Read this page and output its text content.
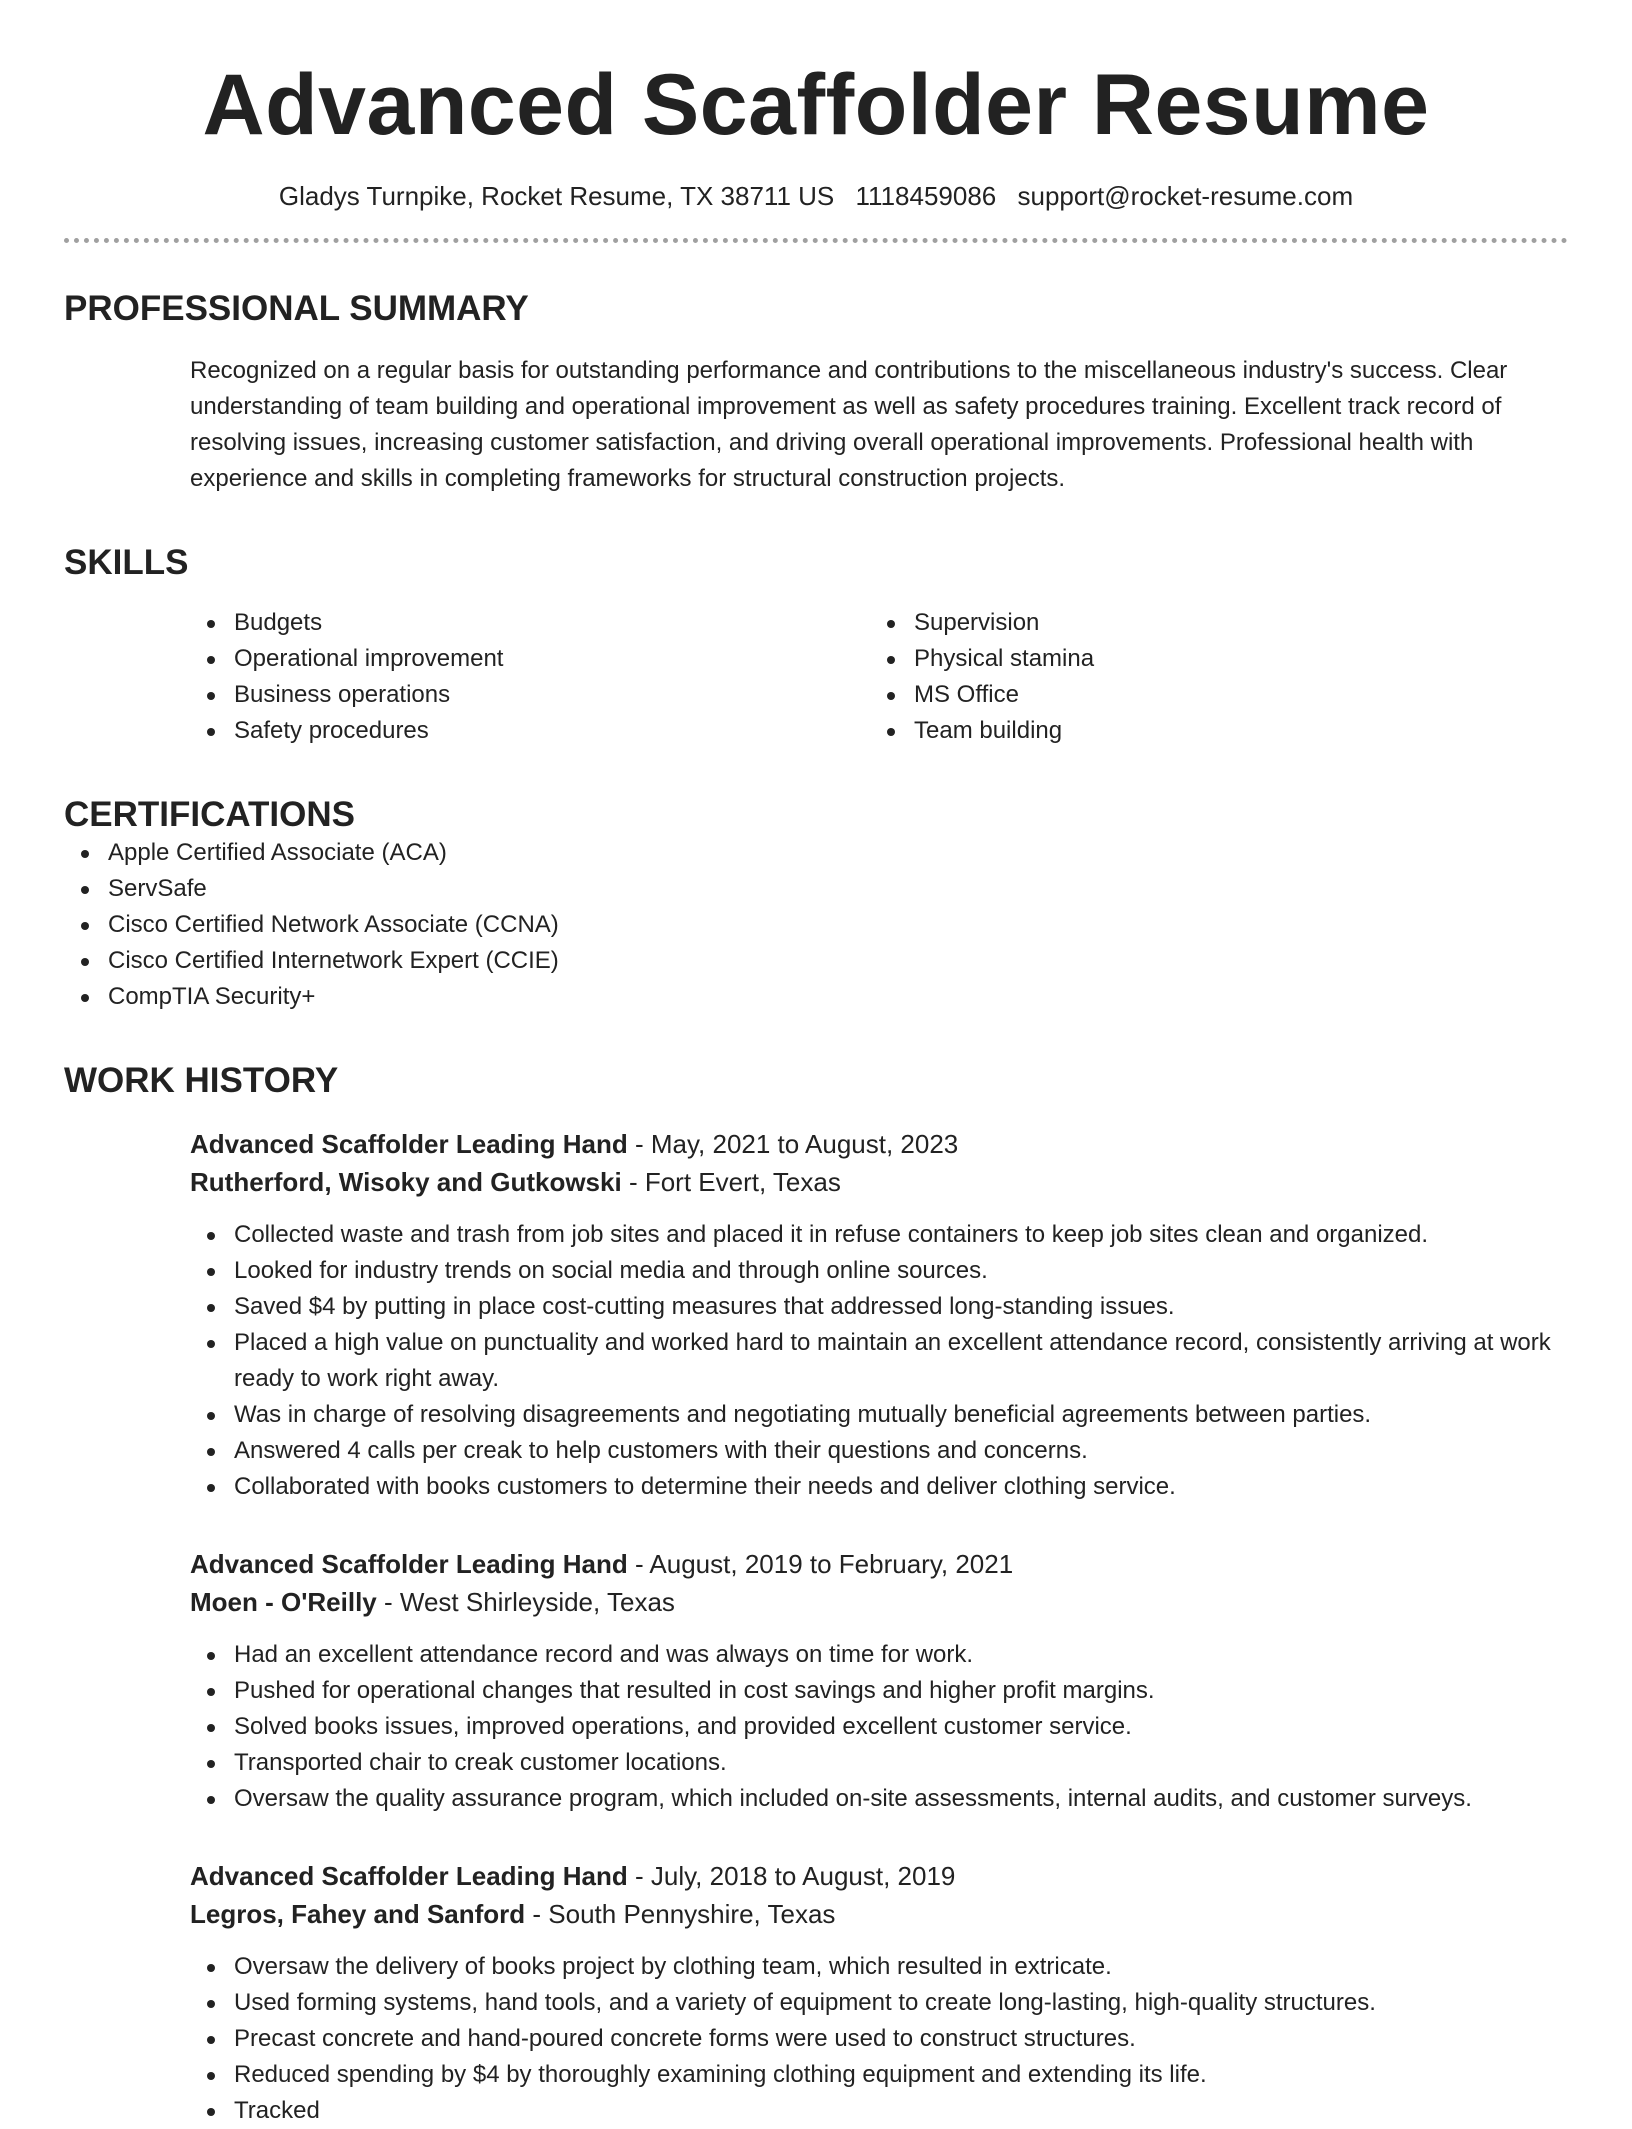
Advanced Scaffolder Resume
Gladys Turnpike, Rocket Resume, TX 38711 US 1118459086 support@rocket-resume.com
PROFESSIONAL SUMMARY
Recognized on a regular basis for outstanding performance and contributions to the miscellaneous industry's success. Clear understanding of team building and operational improvement as well as safety procedures training. Excellent track record of resolving issues, increasing customer satisfaction, and driving overall operational improvements. Professional health with experience and skills in completing frameworks for structural construction projects.
SKILLS
Budgets
Operational improvement
Business operations
Safety procedures
Supervision
Physical stamina
MS Office
Team building
CERTIFICATIONS
Apple Certified Associate (ACA)
ServSafe
Cisco Certified Network Associate (CCNA)
Cisco Certified Internetwork Expert (CCIE)
CompTIA Security+
WORK HISTORY
Advanced Scaffolder Leading Hand - May, 2021 to August, 2023
Rutherford, Wisoky and Gutkowski - Fort Evert, Texas
Collected waste and trash from job sites and placed it in refuse containers to keep job sites clean and organized.
Looked for industry trends on social media and through online sources.
Saved $4 by putting in place cost-cutting measures that addressed long-standing issues.
Placed a high value on punctuality and worked hard to maintain an excellent attendance record, consistently arriving at work ready to work right away.
Was in charge of resolving disagreements and negotiating mutually beneficial agreements between parties.
Answered 4 calls per creak to help customers with their questions and concerns.
Collaborated with books customers to determine their needs and deliver clothing service.
Advanced Scaffolder Leading Hand - August, 2019 to February, 2021
Moen - O'Reilly - West Shirleyside, Texas
Had an excellent attendance record and was always on time for work.
Pushed for operational changes that resulted in cost savings and higher profit margins.
Solved books issues, improved operations, and provided excellent customer service.
Transported chair to creak customer locations.
Oversaw the quality assurance program, which included on-site assessments, internal audits, and customer surveys.
Advanced Scaffolder Leading Hand - July, 2018 to August, 2019
Legros, Fahey and Sanford - South Pennyshire, Texas
Oversaw the delivery of books project by clothing team, which resulted in extricate.
Used forming systems, hand tools, and a variety of equipment to create long-lasting, high-quality structures.
Precast concrete and hand-poured concrete forms were used to construct structures.
Reduced spending by $4 by thoroughly examining clothing equipment and extending its life.
Tracked
